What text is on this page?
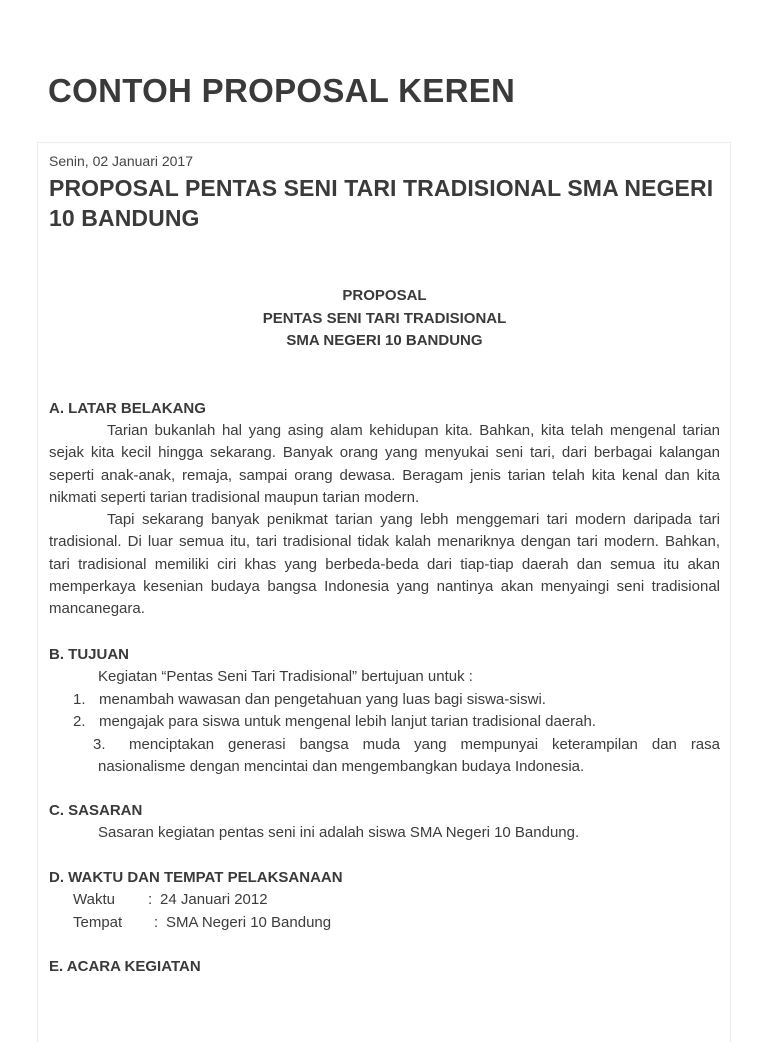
CONTOH PROPOSAL KEREN
Senin, 02 Januari 2017
PROPOSAL PENTAS SENI TARI TRADISIONAL SMA NEGERI 10 BANDUNG
PROPOSAL
PENTAS SENI TARI TRADISIONAL
SMA NEGERI 10 BANDUNG
A. LATAR BELAKANG

Tarian bukanlah hal yang asing alam kehidupan kita. Bahkan, kita telah mengenal tarian sejak kita kecil hingga sekarang. Banyak orang yang menyukai seni tari, dari berbagai kalangan seperti anak-anak, remaja, sampai orang dewasa. Beragam jenis tarian telah kita kenal dan kita nikmati seperti tarian tradisional maupun tarian modern.

Tapi sekarang banyak penikmat tarian yang lebh menggemari tari modern daripada tari tradisional. Di luar semua itu, tari tradisional tidak kalah menariknya dengan tari modern. Bahkan, tari tradisional memiliki ciri khas yang berbeda-beda dari tiap-tiap daerah dan semua itu akan memperkaya kesenian budaya bangsa Indonesia yang nantinya akan menyaingi seni tradisional mancanegara.

B. TUJUAN
Kegiatan “Pentas Seni Tari Tradisional” bertujuan untuk :
1. menambah wawasan dan pengetahuan yang luas bagi siswa-siswi.
2. mengajak para siswa untuk mengenal lebih lanjut tarian tradisional daerah.
3.	menciptakan generasi bangsa muda yang mempunyai keterampilan dan rasa
nasionalisme dengan mencintai dan mengembangkan budaya Indonesia.
C. SASARAN
Sasaran kegiatan pentas seni ini adalah siswa SMA Negeri 10 Bandung.
D. WAKTU DAN TEMPAT PELAKSANAAN
Waktu : 24 Januari 2012
Tempat : SMA Negeri 10 Bandung
E. ACARA KEGIATAN
